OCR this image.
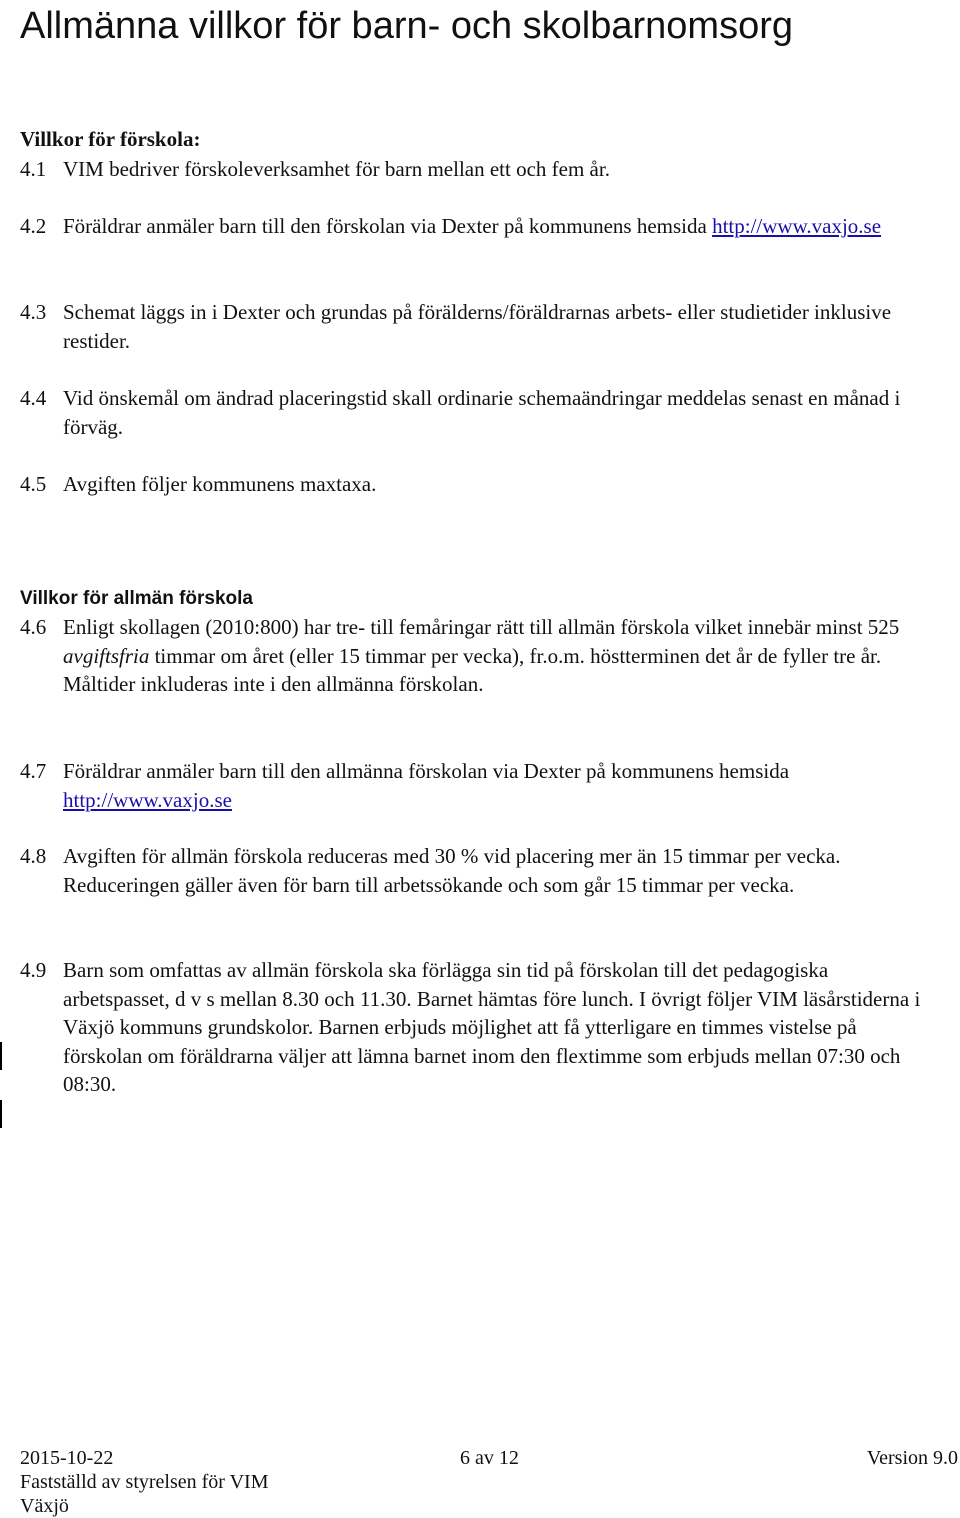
Allmänna villkor för barn- och skolbarnomsorg
Villkor för förskola:
4.1 VIM bedriver förskoleverksamhet för barn mellan ett och fem år.
4.2 Föräldrar anmäler barn till den förskolan via Dexter på kommunens hemsida http://www.vaxjo.se
4.3 Schemat läggs in i Dexter och grundas på förälderns/föräldrarnas arbets- eller studietider inklusive restider.
4.4 Vid önskemål om ändrad placeringstid skall ordinarie schemaändringar meddelas senast en månad i förväg.
4.5 Avgiften följer kommunens maxtaxa.
Villkor för allmän förskola
4.6 Enligt skollagen (2010:800) har tre- till femåringar rätt till allmän förskola vilket innebär minst 525 avgiftsfria timmar om året (eller 15 timmar per vecka), fr.o.m. höstterminen det år de fyller tre år. Måltider inkluderas inte i den allmänna förskolan.
4.7 Föräldrar anmäler barn till den allmänna förskolan via Dexter på kommunens hemsida http://www.vaxjo.se
4.8 Avgiften för allmän förskola reduceras med 30 % vid placering mer än 15 timmar per vecka. Reduceringen gäller även för barn till arbetssökande och som går 15 timmar per vecka.
4.9 Barn som omfattas av allmän förskola ska förlägga sin tid på förskolan till det pedagogiska arbetspasset, d v s mellan 8.30 och 11.30. Barnet hämtas före lunch. I övrigt följer VIM läsårstiderna i Växjö kommuns grundskolor. Barnen erbjuds möjlighet att få ytterligare en timmes vistelse på förskolan om föräldrarna väljer att lämna barnet inom den flextimme som erbjuds mellan 07:30 och 08:30.
2015-10-22	6 av 12	Version 9.0
Fastställd av styrelsen för VIM
Växjö
